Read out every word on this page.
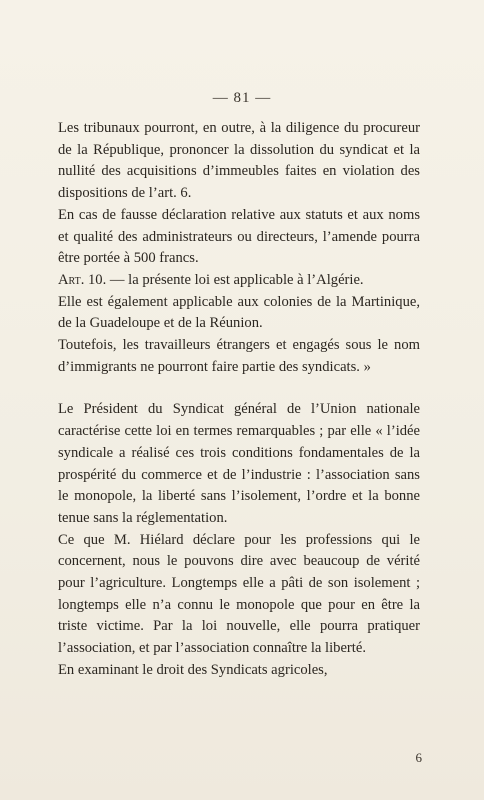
— 81 —

Les tribunaux pourront, en outre, à la diligence du procureur de la République, prononcer la dissolution du syndicat et la nullité des acquisitions d’immeubles faites en violation des dispositions de l’art. 6.

En cas de fausse déclaration relative aux statuts et aux noms et qualité des administrateurs ou directeurs, l’amende pourra être portée à 500 francs.

Art. 10. — la présente loi est applicable à l’Algérie.

Elle est également applicable aux colonies de la Martinique, de la Guadeloupe et de la Réunion.

Toutefois, les travailleurs étrangers et engagés sous le nom d’immigrants ne pourront faire partie des syndicats. »

Le Président du Syndicat général de l’Union nationale caractérise cette loi en termes remarquables ; par elle « l’idée syndicale a réalisé ces trois conditions fondamentales de la prospérité du commerce et de l’industrie : l’association sans le monopole, la liberté sans l’isolement, l’ordre et la bonne tenue sans la réglementation.

Ce que M. Hiélard déclare pour les professions qui le concernent, nous le pouvons dire avec beaucoup de vérité pour l’agriculture. Longtemps elle a pâti de son isolement ; longtemps elle n’a connu le monopole que pour en être la triste victime. Par la loi nouvelle, elle pourra pratiquer l’association, et par l’association connaître la liberté.

En examinant le droit des Syndicats agricoles,

6
